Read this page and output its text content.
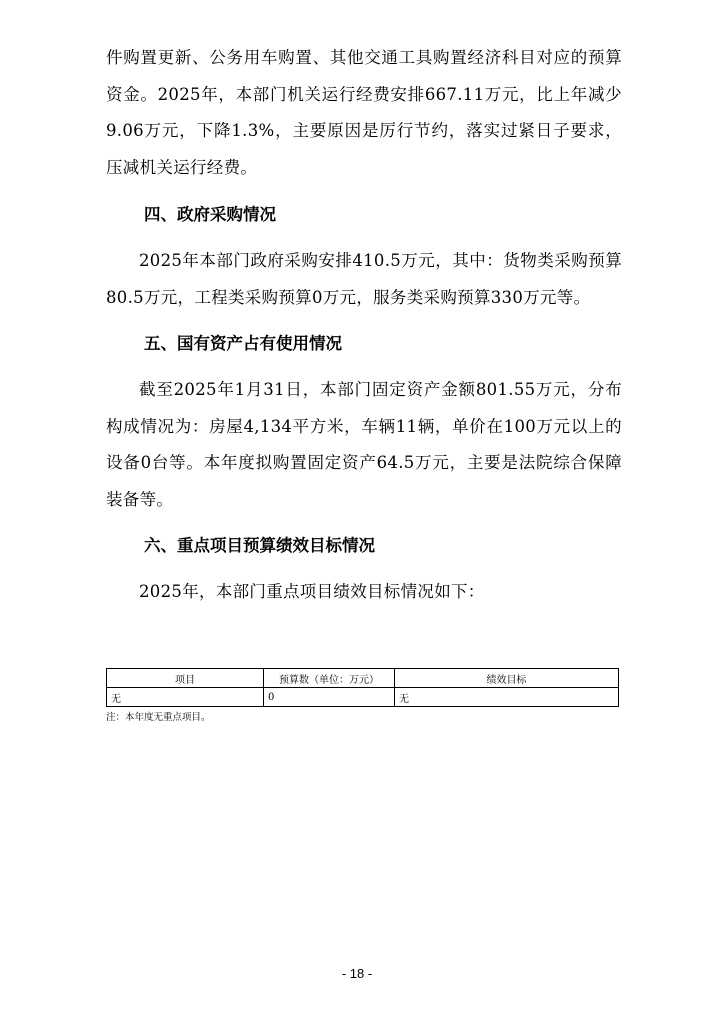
件购置更新、公务用车购置、其他交通工具购置经济科目对应的预算资金。2025年，本部门机关运行经费安排667.11万元，比上年减少9.06万元，下降1.3%，主要原因是厉行节约，落实过紧日子要求，压减机关运行经费。

四、政府采购情况

2025年本部门政府采购安排410.5万元，其中：货物类采购预算80.5万元，工程类采购预算0万元，服务类采购预算330万元等。

五、国有资产占有使用情况

截至2025年1月31日，本部门固定资产金额801.55万元，分布构成情况为：房屋4,134平方米，车辆11辆，单价在100万元以上的设备0台等。本年度拟购置固定资产64.5万元，主要是法院综合保障装备等。

六、重点项目预算绩效目标情况

2025年，本部门重点项目绩效目标情况如下：

项目	预算数（单位：万元）	绩效目标
无	0	无

注：本年度无重点项目。

- 18 -
